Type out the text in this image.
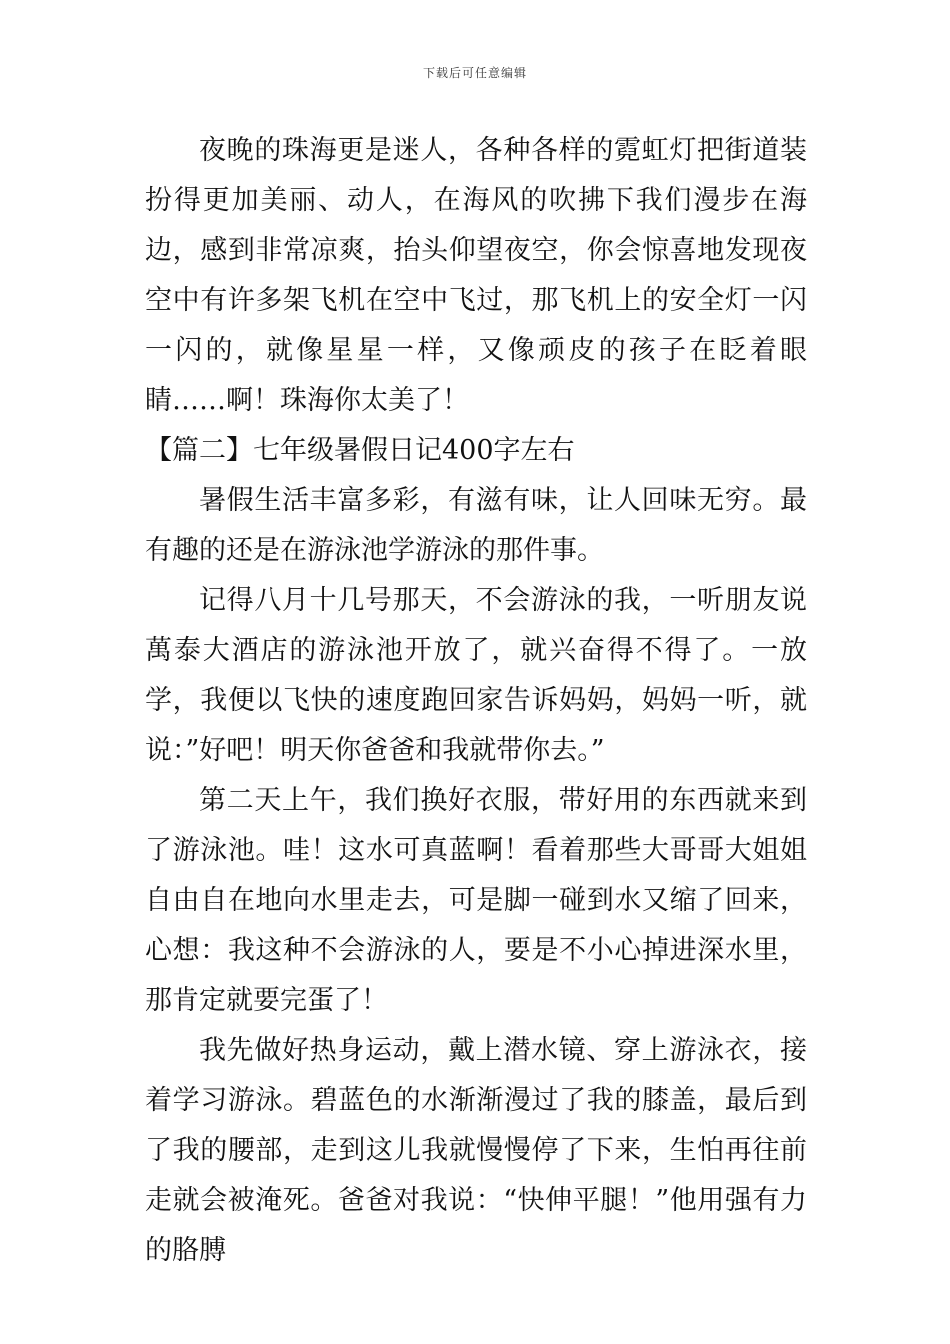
下载后可任意编辑

夜晚的珠海更是迷人，各种各样的霓虹灯把街道装扮得更加美丽、动人，在海风的吹拂下我们漫步在海边，感到非常凉爽，抬头仰望夜空，你会惊喜地发现夜空中有许多架飞机在空中飞过，那飞机上的安全灯一闪一闪的，就像星星一样，又像顽皮的孩子在眨着眼睛……啊！珠海你太美了！

【篇二】七年级暑假日记400字左右

暑假生活丰富多彩，有滋有味，让人回味无穷。最有趣的还是在游泳池学游泳的那件事。

记得八月十几号那天，不会游泳的我，一听朋友说萬泰大酒店的游泳池开放了，就兴奋得不得了。一放学，我便以飞快的速度跑回家告诉妈妈，妈妈一听，就说：”好吧！明天你爸爸和我就带你去。”

第二天上午，我们换好衣服，带好用的东西就来到了游泳池。哇！这水可真蓝啊！看着那些大哥哥大姐姐自由自在地向水里走去，可是脚一碰到水又缩了回来，心想：我这种不会游泳的人，要是不小心掉进深水里，那肯定就要完蛋了！

我先做好热身运动，戴上潜水镜、穿上游泳衣，接着学习游泳。碧蓝色的水渐渐漫过了我的膝盖，最后到了我的腰部，走到这儿我就慢慢停了下来，生怕再往前走就会被淹死。爸爸对我说：“快伸平腿！”他用强有力的胳膊
